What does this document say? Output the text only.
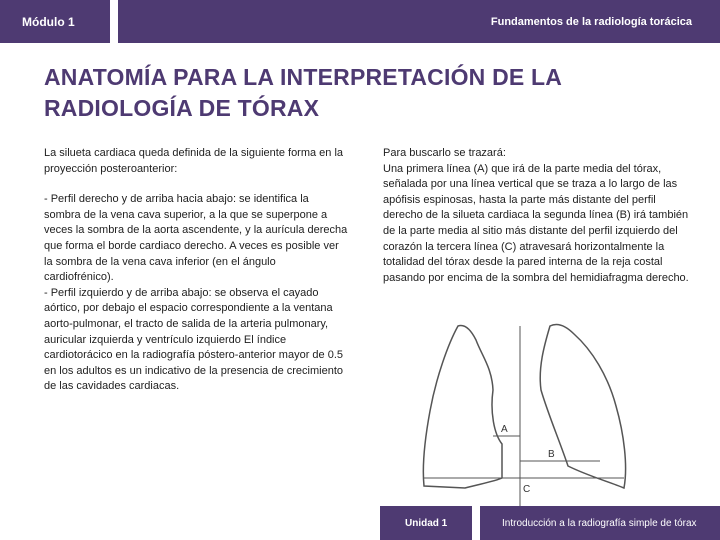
Módulo 1	Fundamentos de la radiología torácica
ANATOMÍA PARA LA INTERPRETACIÓN DE LA
RADIOLOGÍA DE TÓRAX

La silueta cardiaca queda definida de la siguiente forma en la proyección posteroanterior:

- Perfil derecho y de arriba hacia abajo: se identifica la sombra de la vena cava superior, a la que se superpone a veces la sombra de la aorta ascendente, y la aurícula derecha que forma el borde cardiaco derecho. A veces es posible ver la sombra de la vena cava inferior (en el ángulo cardiofrénico).

- Perfil izquierdo y de arriba abajo: se observa el cayado aórtico, por debajo el espacio correspondiente a la ventana aorto-pulmonar, el tracto de salida de la arteria pulmonary, auricular izquierda y ventrículo izquierdo El índice cardiotorácico en la radiografía póstero-anterior mayor de 0.5 en los adultos es un indicativo de la presencia de crecimiento de las cavidades cardiacas.

Para buscarlo se trazará:

Una primera línea (A) que irá de la parte media del tórax, señalada por una línea vertical que se traza a lo largo de las apófisis espinosas, hasta la parte más distante del perfil derecho de la silueta cardiaca la segunda línea (B) irá también de la parte media al sitio más distante del perfil izquierdo del corazón la tercera línea (C) atravesará horizontalmente la totalidad del tórax desde la pared interna de la reja costal pasando por encima de la sombra del hemidiafragma derecho.

A
B
C
Unidad 1	Introducción a la radiografía simple de tórax
